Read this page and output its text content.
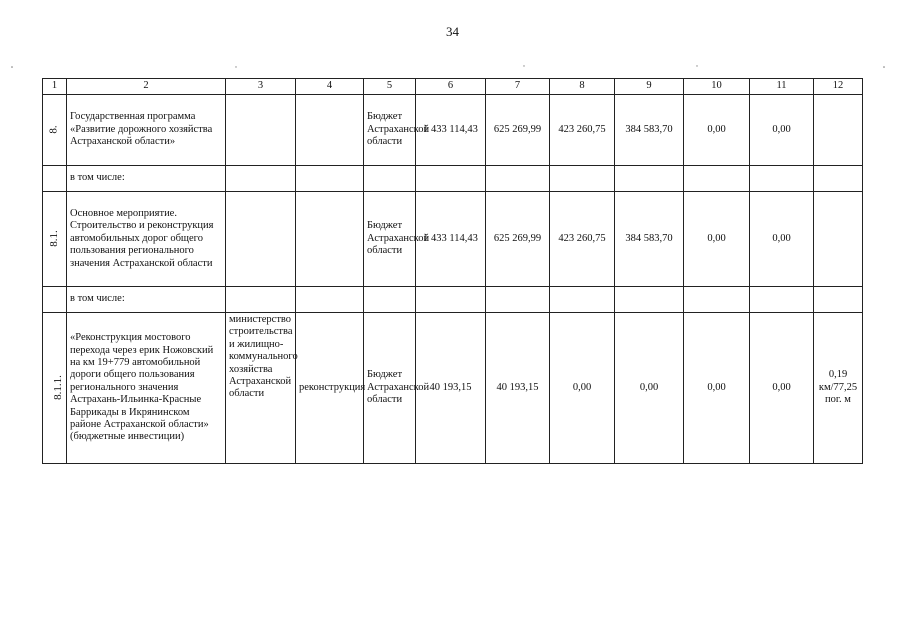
34
1	2	3	4	5	6	7	8	9	10	11	12
8.	Государственная программа «Развитие дорожного хозяйства Астраханской области»			Бюджет Астраханской области	1 433 114,43	625 269,99	423 260,75	384 583,70	0,00	0,00	
	в том числе:										
8.1.	Основное мероприятие. Строительство и реконструкция автомобильных дорог общего пользования регионального значения Астраханской области			Бюджет Астраханской области	1 433 114,43	625 269,99	423 260,75	384 583,70	0,00	0,00	
	в том числе:										
8.1.1.	«Реконструкция мостового перехода через ерик Ножовский на км 19+779 автомобильной дороги общего пользования регионального значения Астрахань-Ильинка-Красные Баррикады в Икрянинском районе Астраханской области» (бюджетные инвестиции)	министерство строительства и жилищно-коммунального хозяйства Астраханской области	реконструкция	Бюджет Астраханской области	40 193,15	40 193,15	0,00	0,00	0,00	0,00	0,19 км/77,25 пог. м
